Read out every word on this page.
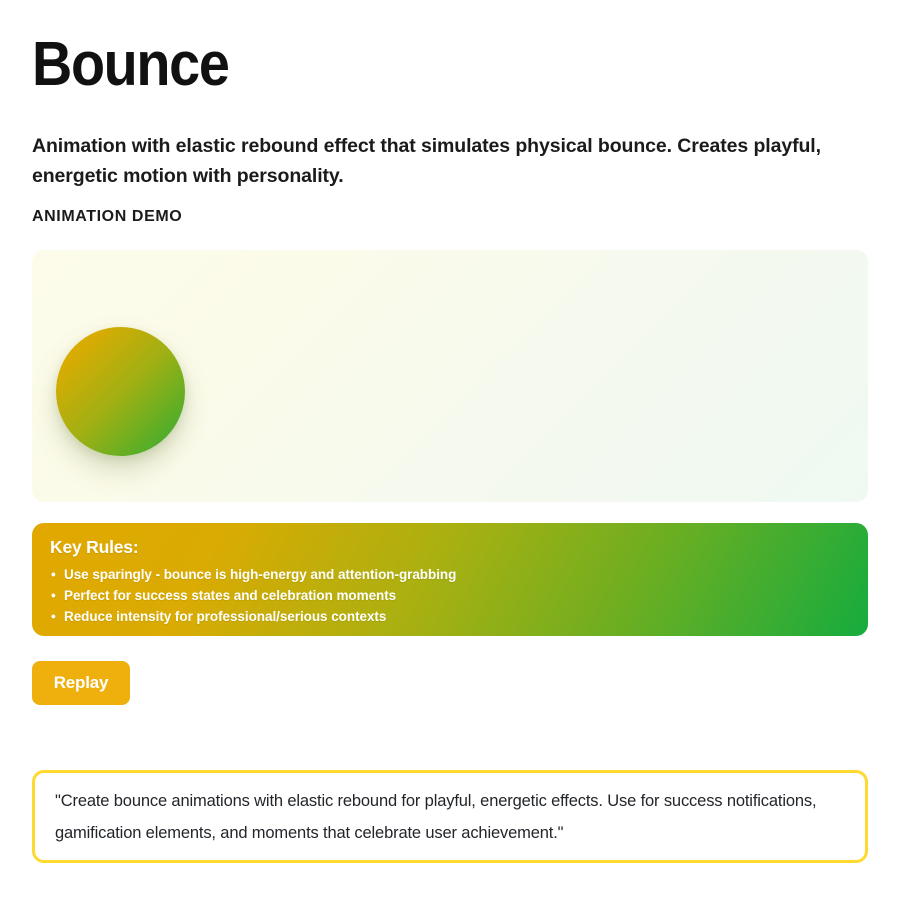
Bounce

Animation with elastic rebound effect that simulates physical bounce. Creates playful, energetic motion with personality.

ANIMATION DEMO

Key Rules:

• Use sparingly - bounce is high-energy and attention-grabbing
• Perfect for success states and celebration moments
• Reduce intensity for professional/serious contexts
Replay

"Create bounce animations with elastic rebound for playful, energetic effects. Use for success notifications, gamification elements, and moments that celebrate user achievement."
